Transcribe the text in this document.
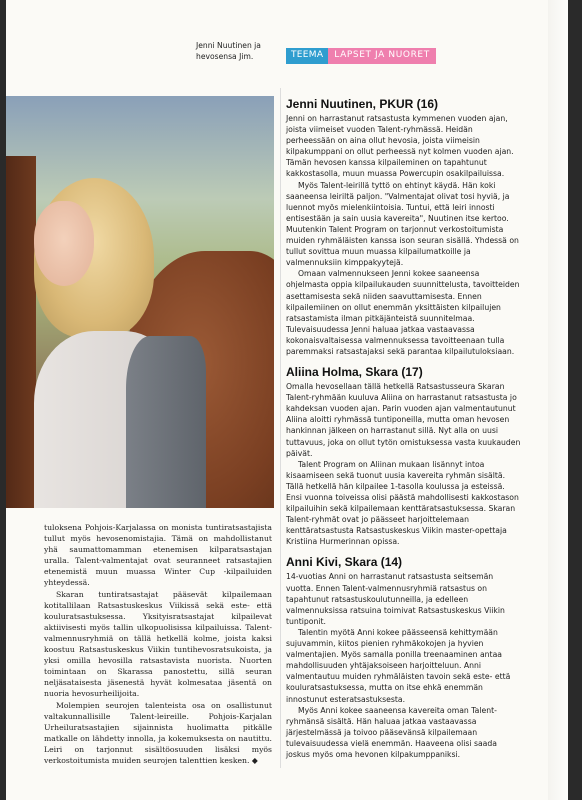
Jenni Nuutinen ja hevosensa Jim.	TEEMA	LAPSET JA NUORET

tuloksena Pohjois-Karjalassa on monista tuntiratsastajista tullut myös hevosenomistajia. Tämä on mahdollistanut yhä saumattomamman etenemisen kilparatsastajan uralla. Talent-valmentajat ovat seuranneet ratsastajien etenemistä muun muassa Winter Cup -kilpailuiden yhteydessä.

Skaran tuntiratsastajat pääsevät kilpailemaan kotitallilaan Ratsastuskeskus Viikissä sekä este- että kouluratsastuksessa. Yksityisratsastajat kilpailevat aktiivisesti myös tallin ulkopuolisissa kilpailuissa. Talent-valmennusryhmiä on tällä hetkellä kolme, joista kaksi koostuu Ratsastuskeskus Viikin tuntihevosratsukoista, ja yksi omilla hevosilla ratsastavista nuorista. Nuorten toimintaan on Skarassa panostettu, sillä seuran neljäsataisesta jäsenestä hyvät kolmesataa jäsentä on nuoria hevosurheilijoita.

Molempien seurojen talenteista osa on osallistunut valtakunnallisille Talent-leireille. Pohjois-Karjalan Urheiluratsastajien sijainnista huolimatta pitkälle matkalle on lähdetty innolla, ja kokemuksesta on nautittu. Leiri on tarjonnut sisältöosuuden lisäksi myös verkostoitumista muiden seurojen talenttien kesken. ◆

Jenni Nuutinen, PKUR (16)

Jenni on harrastanut ratsastusta kymmenen vuoden ajan, joista viimeiset vuoden Talent-ryhmässä. Heidän perheessään on aina ollut hevosia, joista viimeisin kilpakumppani on ollut perheessä nyt kolmen vuoden ajan. Tämän hevosen kanssa kilpaileminen on tapahtunut kakkostasolla, muun muassa Powercupin osakilpailuissa.

Myös Talent-leirillä tyttö on ehtinyt käydä. Hän koki saaneensa leiriltä paljon. "Valmentajat olivat tosi hyviä, ja luennot myös mielenkiintoisia. Tuntui, että leiri innosti entisestään ja sain uusia kavereita", Nuutinen itse kertoo. Muutenkin Talent Program on tarjonnut verkostoitumista muiden ryhmäläisten kanssa ison seuran sisällä. Yhdessä on tullut sovittua muun muassa kilpailumatkoille ja valmennuksiin kimppakyytejä.

Omaan valmennukseen Jenni kokee saaneensa ohjelmasta oppia kilpailukauden suunnittelusta, tavoitteiden asettamisesta sekä niiden saavuttamisesta. Ennen kilpailemiinen on ollut enemmän yksittäisten kilpailujen ratsastamista ilman pitkäjänteistä suunnitelmaa. Tulevaisuudessa Jenni haluaa jatkaa vastaavassa kokonaisvaltaisessa valmennuksessa tavoitteenaan tulla paremmaksi ratsastajaksi sekä parantaa kilpailutuloksiaan.

Aliina Holma, Skara (17)

Omalla hevosellaan tällä hetkellä Ratsastusseura Skaran Talent-ryhmään kuuluva Aliina on harrastanut ratsastusta jo kahdeksan vuoden ajan. Parin vuoden ajan valmentautunut Aliina aloitti ryhmässä tuntiponeilla, mutta oman hevosen hankinnan jälkeen on harrastanut sillä. Nyt alla on uusi tuttavuus, joka on ollut tytön omistuksessa vasta kuukauden päivät.

Talent Program on Aliinan mukaan lisännyt intoa kisaamiseen sekä tuonut uusia kavereita ryhmän sisältä. Tällä hetkellä hän kilpailee 1-tasolla koulussa ja esteissä. Ensi vuonna toiveissa olisi päästä mahdollisesti kakkostason kilpailuihin sekä kilpailemaan kenttäratsastuksessa. Skaran Talent-ryhmät ovat jo päässeet harjoittelemaan kenttäratsastusta Ratsastuskeskus Viikin master-opettaja Kristiina Hurmerinnan opissa.

Anni Kivi, Skara (14)

14-vuotias Anni on harrastanut ratsastusta seitsemän vuotta. Ennen Talent-valmennusryhmiä ratsastus on tapahtunut ratsastuskoulutunneilla, ja edelleen valmennuksissa ratsuina toimivat Ratsastuskeskus Viikin tuntiponit.

Talentin myötä Anni kokee päässeensä kehittymään sujuvammin, kiitos pienien ryhmäkokojen ja hyvien valmentajien. Myös samalla ponilla treenaaminen antaa mahdollisuuden yhtäjaksoiseen harjoitteluun. Anni valmentautuu muiden ryhmäläisten tavoin sekä este- että kouluratsastuksessa, mutta on itse ehkä enemmän innostunut esteratsastuksesta.

Myös Anni kokee saaneensa kavereita oman Talent-ryhmänsä sisältä. Hän haluaa jatkaa vastaavassa järjestelmässä ja toivoo pääsevänsä kilpailemaan tulevaisuudessa vielä enemmän. Haaveena olisi saada joskus myös oma hevonen kilpakumppaniksi.
